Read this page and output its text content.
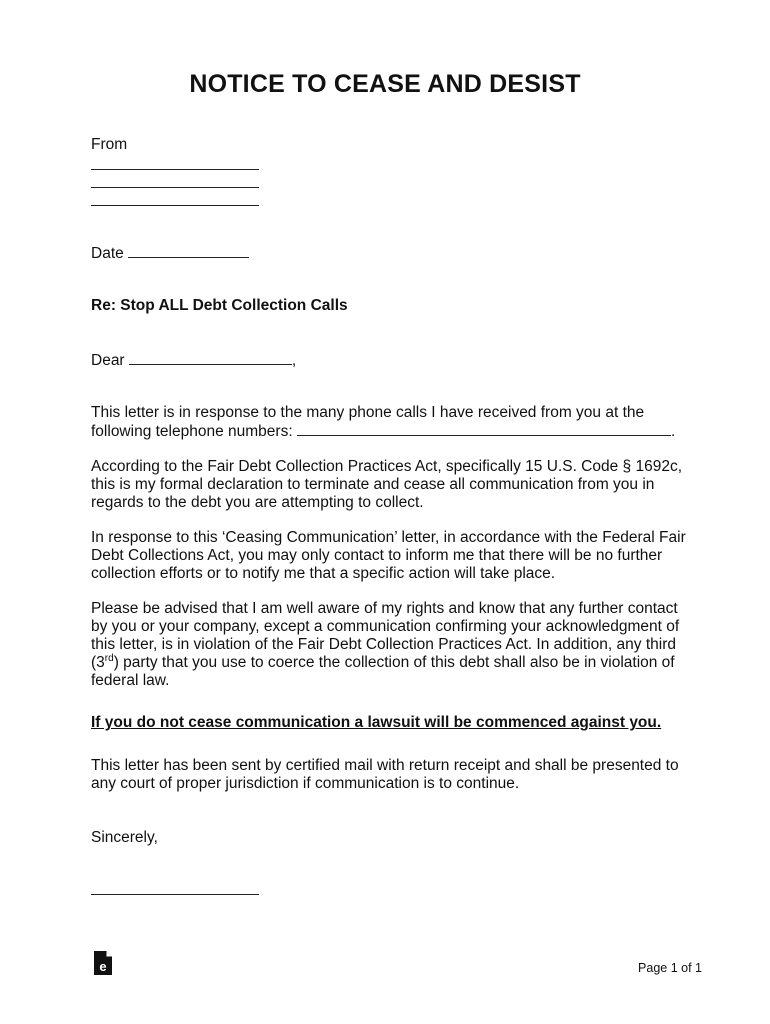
NOTICE TO CEASE AND DESIST
From
Date
Re: Stop ALL Debt Collection Calls
Dear	,
This letter is in response to the many phone calls I have received from you at the
following telephone numbers:	.
According to the Fair Debt Collection Practices Act, specifically 15 U.S. Code § 1692c,
this is my formal declaration to terminate and cease all communication from you in
regards to the debt you are attempting to collect.
In response to this ‘Ceasing Communication’ letter, in accordance with the Federal Fair
Debt Collections Act, you may only contact to inform me that there will be no further
collection efforts or to notify me that a specific action will take place.
Please be advised that I am well aware of my rights and know that any further contact
by you or your company, except a communication confirming your acknowledgment of
this letter, is in violation of the Fair Debt Collection Practices Act. In addition, any third
(3rd) party that you use to coerce the collection of this debt shall also be in violation of
federal law.
If you do not cease communication a lawsuit will be commenced against you.
This letter has been sent by certified mail with return receipt and shall be presented to
any court of proper jurisdiction if communication is to continue.
Sincerely,
e	Page 1 of 1
